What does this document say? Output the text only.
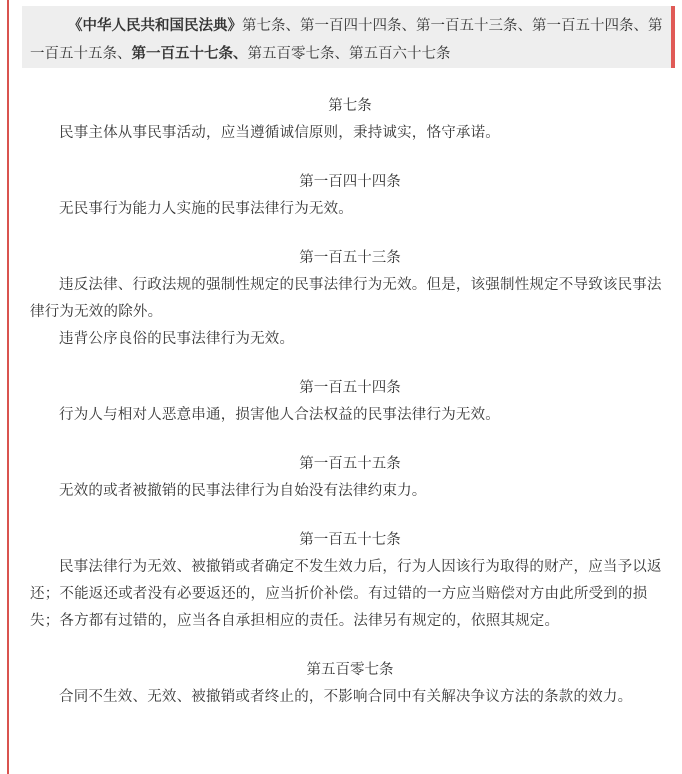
《中华人民共和国民法典》第七条、第一百四十四条、第一百五十三条、第一百五十四条、第一百五十五条、第一百五十七条、第五百零七条、第五百六十七条

第七条

民事主体从事民事活动，应当遵循诚信原则，秉持诚实，恪守承诺。

第一百四十四条

无民事行为能力人实施的民事法律行为无效。

第一百五十三条

违反法律、行政法规的强制性规定的民事法律行为无效。但是，该强制性规定不导致该民事法律行为无效的除外。

违背公序良俗的民事法律行为无效。

第一百五十四条

行为人与相对人恶意串通，损害他人合法权益的民事法律行为无效。

第一百五十五条

无效的或者被撤销的民事法律行为自始没有法律约束力。

第一百五十七条

民事法律行为无效、被撤销或者确定不发生效力后，行为人因该行为取得的财产，应当予以返还；不能返还或者没有必要返还的，应当折价补偿。有过错的一方应当赔偿对方由此所受到的损失；各方都有过错的，应当各自承担相应的责任。法律另有规定的，依照其规定。

第五百零七条

合同不生效、无效、被撤销或者终止的，不影响合同中有关解决争议方法的条款的效力。
